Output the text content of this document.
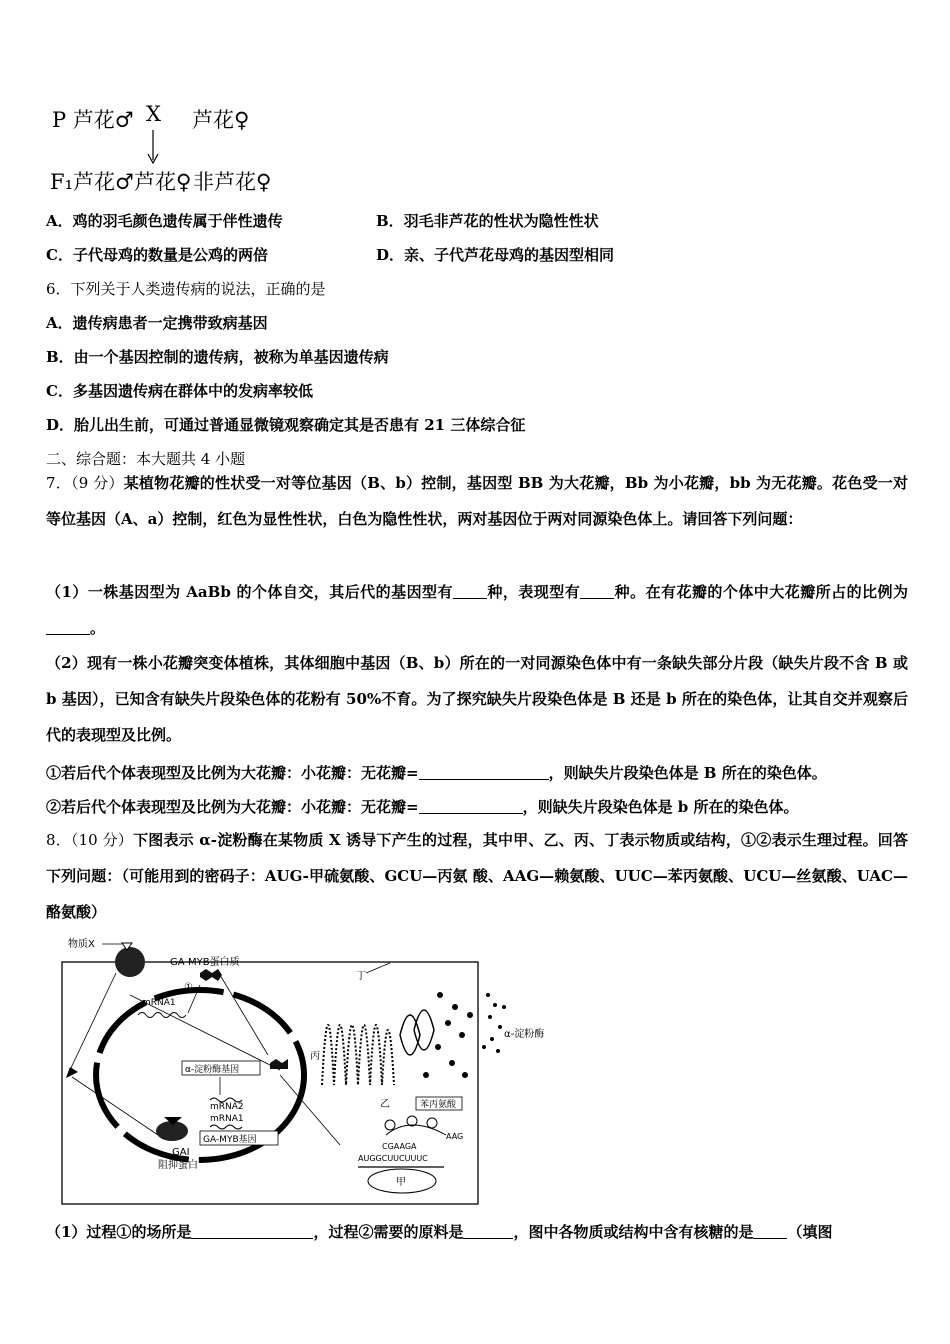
P 芦花♂ X 芦花♀
F₁芦花♂ 芦花♀ 非芦花♀
A．鸡的羽毛颜色遗传属于伴性遗传	B．羽毛非芦花的性状为隐性性状
C．子代母鸡的数量是公鸡的两倍	D．亲、子代芦花母鸡的基因型相同
6．下列关于人类遗传病的说法，正确的是
A．遗传病患者一定携带致病基因
B．由一个基因控制的遗传病，被称为单基因遗传病
C．多基因遗传病在群体中的发病率较低
D．胎儿出生前，可通过普通显微镜观察确定其是否患有 21 三体综合征
二、综合题：本大题共 4 小题
7．（9 分）某植物花瓣的性状受一对等位基因（B、b）控制，基因型 BB 为大花瓣，Bb 为小花瓣，bb 为无花瓣。花色受一对等位基因（A、a）控制，红色为显性性状，白色为隐性性状，两对基因位于两对同源染色体上。请回答下列问题：
（1）一株基因型为 AaBb 的个体自交，其后代的基因型有 种，表现型有 种。在有花瓣的个体中大花瓣所占的比例为。
（2）现有一株小花瓣突变体植株，其体细胞中基因（B、b）所在的一对同源染色体中有一条缺失部分片段（缺失片段不含 B 或 b 基因），已知含有缺失片段染色体的花粉有 50%不育。为了探究缺失片段染色体是 B 还是 b 所在的染色体，让其自交并观察后代的表现型及比例。
①若后代个体表现型及比例为大花瓣：小花瓣：无花瓣=	，则缺失片段染色体是 B 所在的染色体。
②若后代个体表现型及比例为大花瓣：小花瓣：无花瓣=	，则缺失片段染色体是 b 所在的染色体。
8．（10 分）下图表示 α-淀粉酶在某物质 X 诱导下产生的过程，其中甲、乙、丙、丁表示物质或结构，①②表示生理过程。回答下列问题：（可能用到的密码子：AUG-甲硫氨酸、GCU—丙氨 酸、AAG—赖氨酸、UUC—苯丙氨酸、UCU—丝氨酸、UAC—酪氨酸）
物质X
GA-MYB蛋白质
①
mRNA1
α-淀粉酶基因
mRNA2
mRNA1
GA-MYB基因
GAI
阻抑蛋白
丙
乙
α-淀粉酶
丁
苯丙氨酸
AAG
CGAAGA
AUGGCUUCUUUC
甲
（1）过程①的场所是	，过程②需要的原料是	，图中各物质或结构中含有核糖的是 （填图
